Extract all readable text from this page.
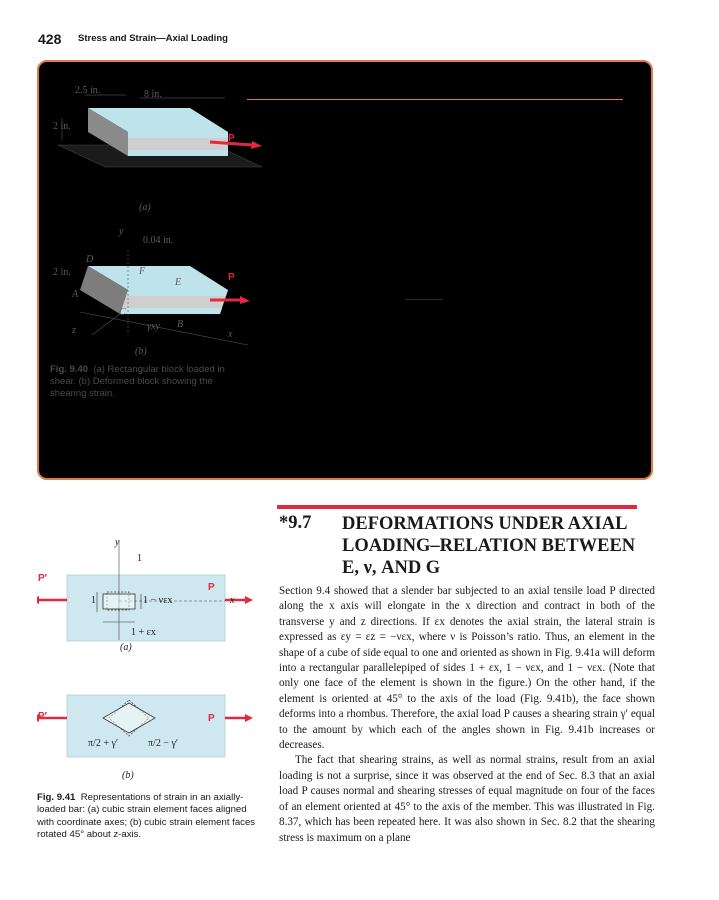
428 Stress and Strain—Axial Loading
2.5 in.	8 in.
2 in.
P
(a)
y
0.04 in.
D
2 in.	F
E	P
A
C
z	γxy B
x
(b)
Fig. 9.40 (a) Rectangular block loaded in shear. (b) Deformed block showing the shearing strain.
y
1
P′
P
1	x
1 − νεx
1 + εx
(a)
P′	P
π/2 + γ′	π/2 − γ′
(b)
Fig. 9.41 Representations of strain in an axially-loaded bar: (a) cubic strain element faces aligned with coordinate axes; (b) cubic strain element faces rotated 45° about z-axis.
*9.7 DEFORMATIONS UNDER AXIAL LOADING–RELATION BETWEEN E, ν, AND G

Section 9.4 showed that a slender bar subjected to an axial tensile load P directed along the x axis will elongate in the x direction and contract in both of the transverse y and z directions. If εx denotes the axial strain, the lateral strain is expressed as εy = εz = −νεx, where ν is Poisson’s ratio. Thus, an element in the shape of a cube of side equal to one and oriented as shown in Fig. 9.41a will deform into a rectangular parallelepiped of sides 1 + εx, 1 − νεx, and 1 − νεx. (Note that only one face of the element is shown in the figure.) On the other hand, if the element is oriented at 45° to the axis of the load (Fig. 9.41b), the face shown deforms into a rhombus. Therefore, the axial load P causes a shearing strain γ′ equal to the amount by which each of the angles shown in Fig. 9.41b increases or decreases.

The fact that shearing strains, as well as normal strains, result from an axial loading is not a surprise, since it was observed at the end of Sec. 8.3 that an axial load P causes normal and shearing stresses of equal magnitude on four of the faces of an element oriented at 45° to the axis of the member. This was illustrated in Fig. 8.37, which has been repeated here. It was also shown in Sec. 8.2 that the shearing stress is maximum on a plane
